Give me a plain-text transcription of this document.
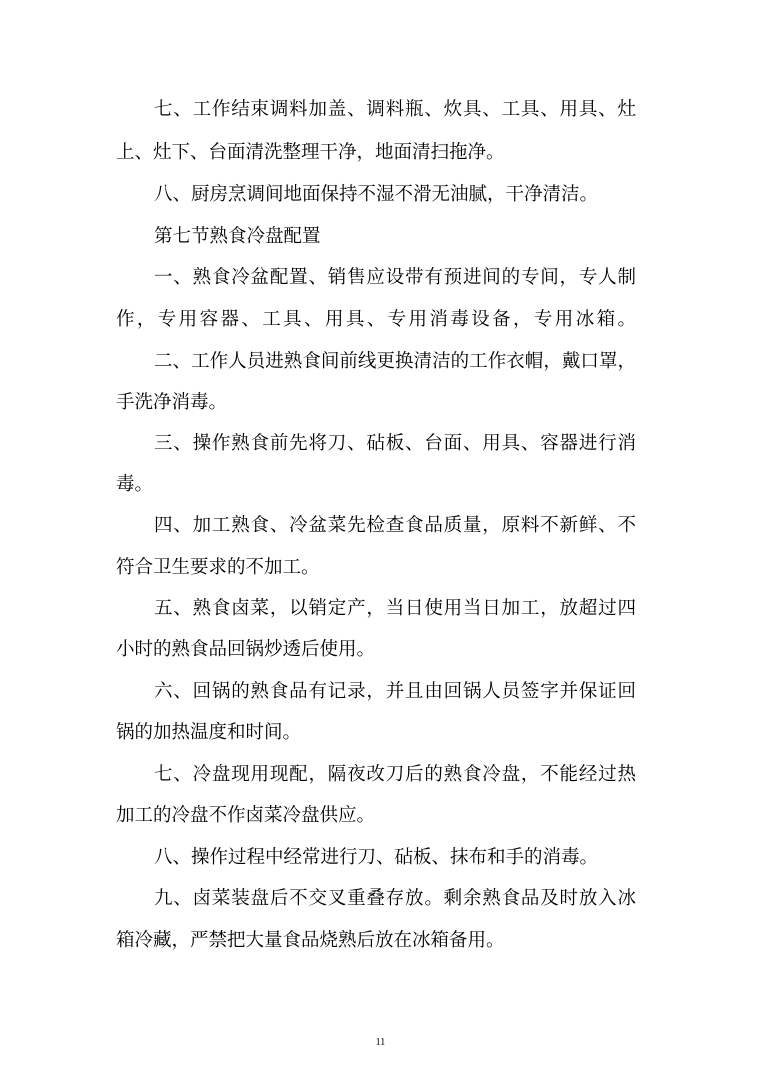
七、工作结束调料加盖、调料瓶、炊具、工具、用具、灶
上、灶下、台面清洗整理干净，地面清扫拖净。
八、厨房烹调间地面保持不湿不滑无油腻，干净清洁。
第七节熟食冷盘配置
一、熟食冷盆配置、销售应设带有预进间的专间，专人制
作，专用容器、工具、用具、专用消毒设备，专用冰箱。
二、工作人员进熟食间前线更换清洁的工作衣帽，戴口罩，
手洗净消毒。
三、操作熟食前先将刀、砧板、台面、用具、容器进行消
毒。
四、加工熟食、冷盆菜先检查食品质量，原料不新鲜、不
符合卫生要求的不加工。
五、熟食卤菜，以销定产，当日使用当日加工，放超过四
小时的熟食品回锅炒透后使用。
六、回锅的熟食品有记录，并且由回锅人员签字并保证回
锅的加热温度和时间。
七、冷盘现用现配，隔夜改刀后的熟食冷盘，不能经过热
加工的冷盘不作卤菜冷盘供应。
八、操作过程中经常进行刀、砧板、抹布和手的消毒。
九、卤菜装盘后不交叉重叠存放。剩余熟食品及时放入冰
箱冷藏，严禁把大量食品烧熟后放在冰箱备用。
11
